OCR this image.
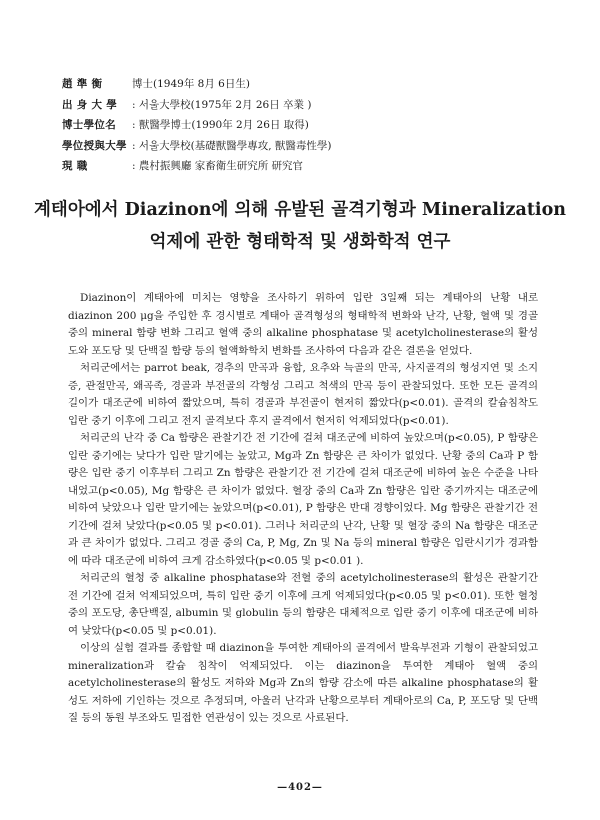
趙 準 衡	博士(1949年 8月 6日生)
出 身 大 學	: 서울大學校(1975年 2月 26日 卒業 )
博士學位名	: 獸醫學博士(1990年 2月 26日 取得)
學位授與大學 : 서울大學校(基礎獸醫學專攻, 獸醫毒性學)
現 職	: 農村振興廳 家畜衛生研究所 研究官
계태아에서 Diazinon에 의해 유발된 골격기형과 Mineralization
억제에 관한 형태학적 및 생화학적 연구

Diazinon이 계태아에 미치는 영향을 조사하기 위하여 입란 3일째 되는 계태아의 난황 내로 diazinon 200 μg을 주입한 후 경시별로 계태아 골격형성의 형태학적 변화와 난각, 난황, 혈액 및 경골 중의 mineral 함량 변화 그리고 혈액 중의 alkaline phosphatase 및 acetylcholinesterase의 활성도와 포도당 및 단백질 함량 등의 혈액화학치 변화를 조사하여 다음과 같은 결론을 얻었다.

처리군에서는 parrot beak, 경추의 만곡과 융합, 요추와 늑골의 만곡, 사지골격의 형성지연 및 소지증, 관절만곡, 왜곡족, 경골과 부전골의 각형성 그리고 척색의 만곡 등이 관찰되었다. 또한 모든 골격의 길이가 대조군에 비하여 짧았으며, 특히 경골과 부전골이 현저히 짧았다(p<0.01). 골격의 칼슘침착도 입란 중기 이후에 그리고 전지 골격보다 후지 골격에서 현저히 억제되었다(p<0.01).

처리군의 난각 중 Ca 함량은 관찰기간 전 기간에 걸쳐 대조군에 비하여 높았으며(p<0.05), P 함량은 입란 중기에는 낮다가 입란 말기에는 높았고, Mg과 Zn 함량은 큰 차이가 없었다. 난황 중의 Ca과 P 함량은 입란 중기 이후부터 그리고 Zn 함량은 관찰기간 전 기간에 걸쳐 대조군에 비하여 높은 수준을 나타내었고(p<0.05), Mg 함량은 큰 차이가 없었다. 혈장 중의 Ca과 Zn 함량은 입란 중기까지는 대조군에 비하여 낮았으나 입란 말기에는 높았으며(p<0.01), P 함량은 반대 경향이었다. Mg 함량은 관찰기간 전 기간에 걸쳐 낮았다(p<0.05 및 p<0.01). 그러나 처리군의 난각, 난황 및 혈장 중의 Na 함량은 대조군과 큰 차이가 없었다. 그리고 경골 중의 Ca, P, Mg, Zn 및 Na 등의 mineral 함량은 입란시기가 경과함에 따라 대조군에 비하여 크게 감소하였다(p<0.05 및 p<0.01 ).

처리군의 혈청 중 alkaline phosphatase와 전혈 중의 acetylcholinesterase의 활성은 관찰기간 전 기간에 걸쳐 억제되었으며, 특히 입란 중기 이후에 크게 억제되었다(p<0.05 및 p<0.01). 또한 혈청 중의 포도당, 총단백질, albumin 및 globulin 등의 함량은 대체적으로 입란 중기 이후에 대조군에 비하여 낮았다(p<0.05 및 p<0.01).

이상의 실험 결과를 종합할 때 diazinon을 투여한 계태아의 골격에서 발육부전과 기형이 관찰되었고 mineralization과 칼슘 침착이 억제되었다. 이는 diazinon을 투여한 계태아 혈액 중의 acetylcholinesterase의 활성도 저하와 Mg과 Zn의 함량 감소에 따른 alkaline phosphatase의 활성도 저하에 기인하는 것으로 추정되며, 아울러 난각과 난황으로부터 계태아로의 Ca, P, 포도당 및 단백질 등의 동원 부조와도 밀접한 연관성이 있는 것으로 사료된다.

—402—
